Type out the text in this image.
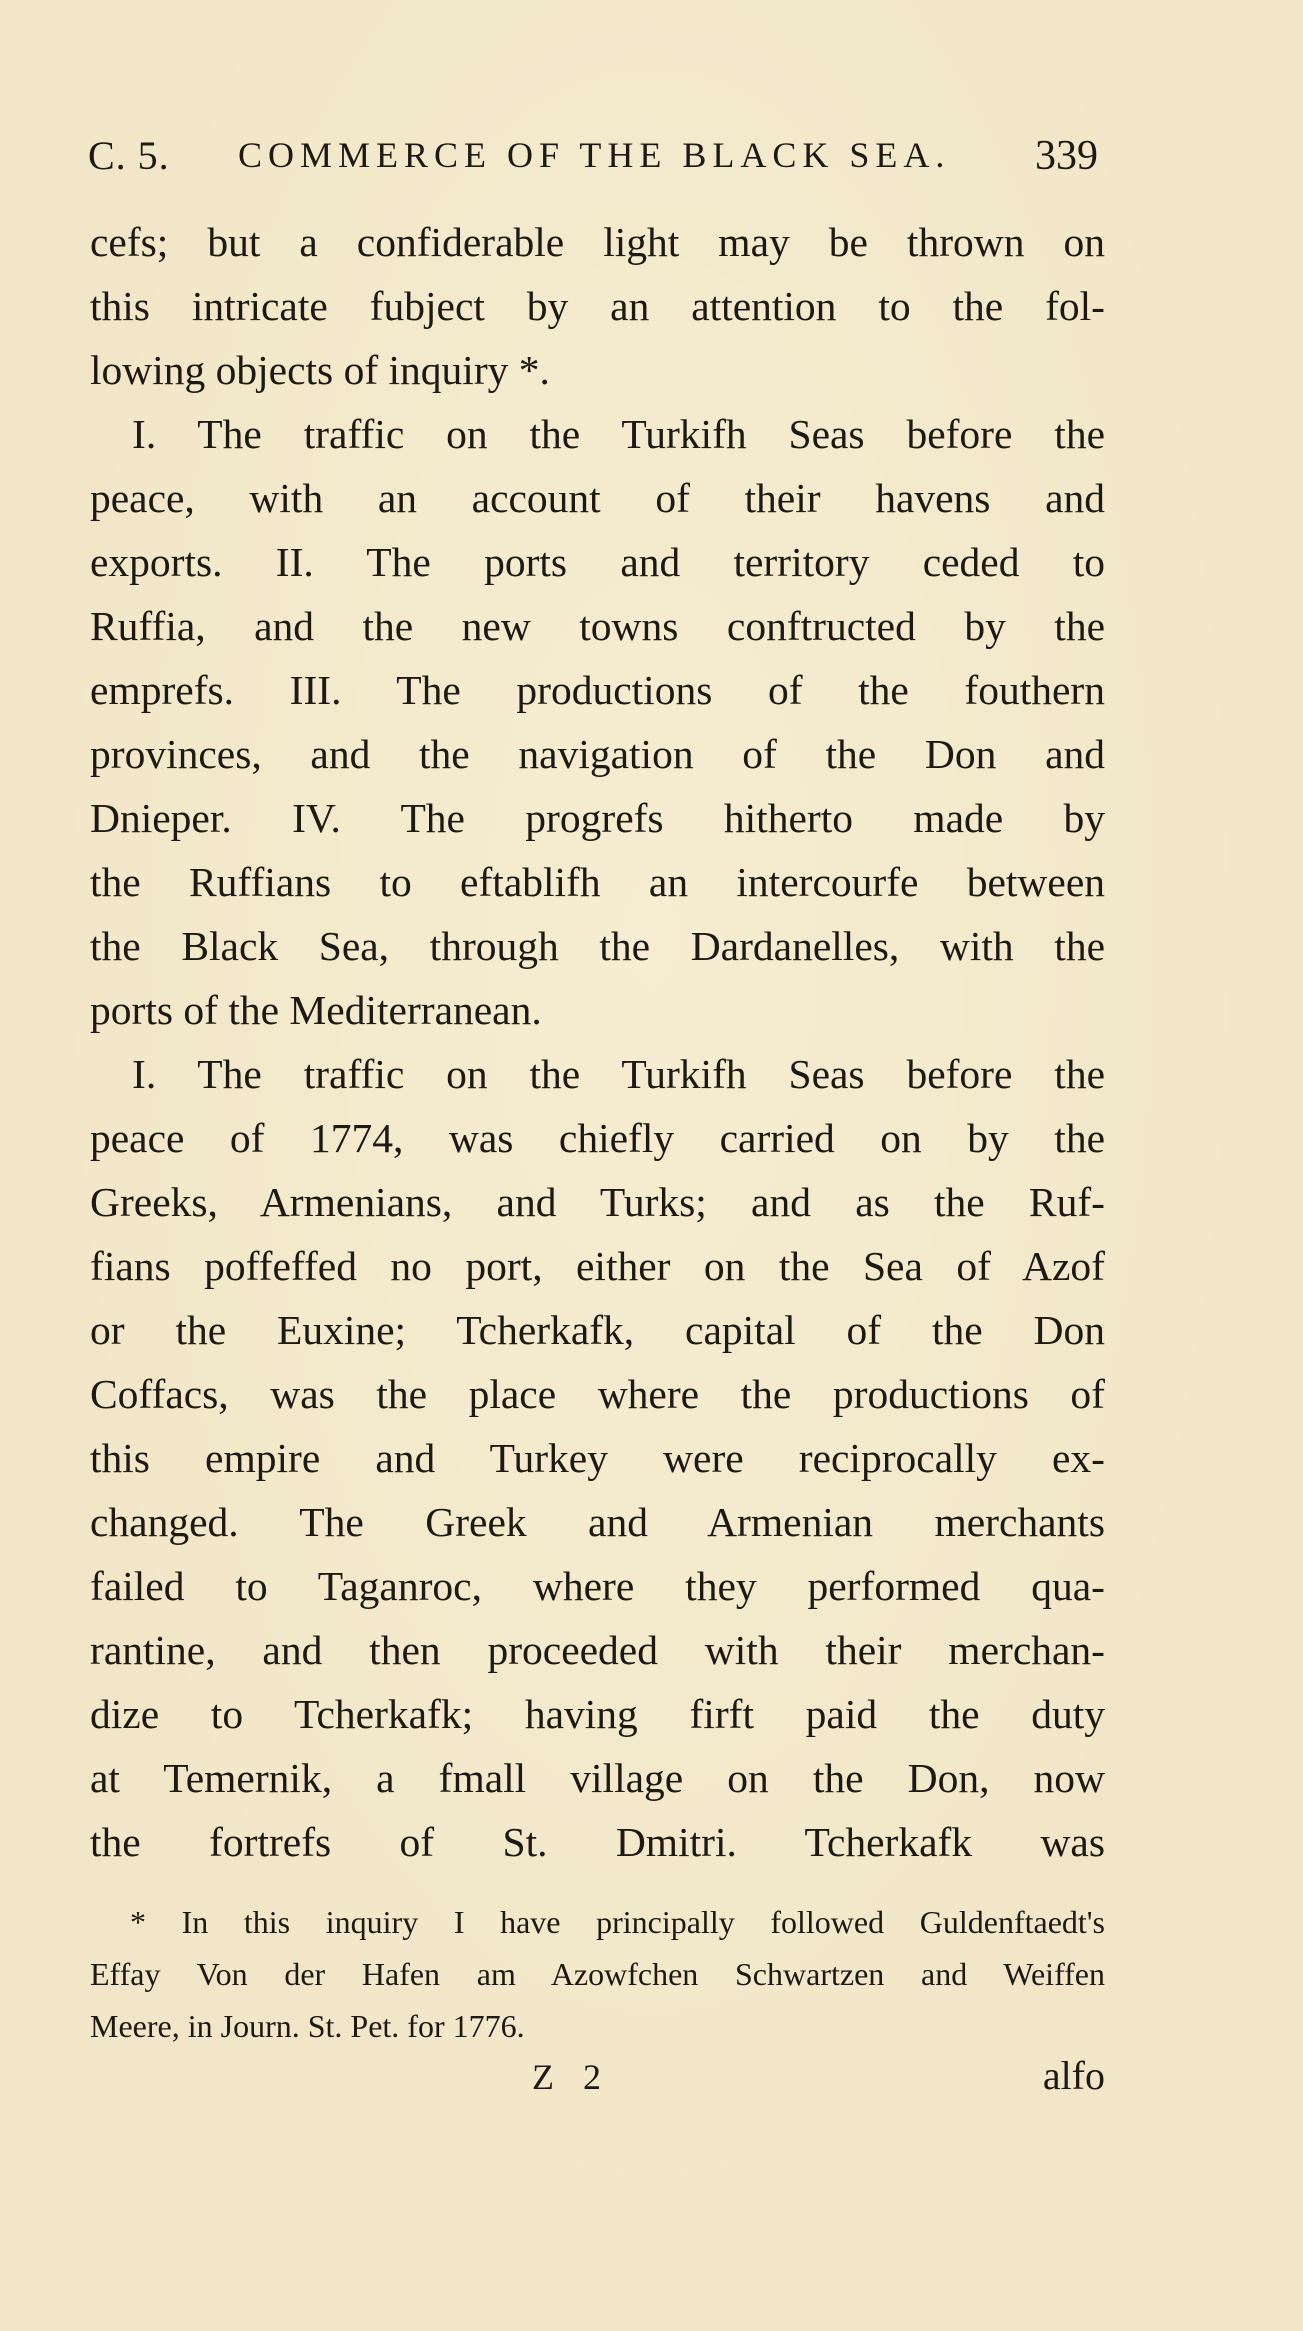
C. 5. COMMERCE OF THE BLACK SEA. 339
cefs; but a confiderable light may be thrown on
this intricate fubject by an attention to the fol-
lowing objects of inquiry *.
I. The traffic on the Turkifh Seas before the
peace, with an account of their havens and
exports. II. The ports and territory ceded to
Ruffia, and the new towns conftructed by the
emprefs. III. The productions of the fouthern
provinces, and the navigation of the Don and
Dnieper. IV. The progrefs hitherto made by
the Ruffians to eftablifh an intercourfe between
the Black Sea, through the Dardanelles, with the
ports of the Mediterranean.
I. The traffic on the Turkifh Seas before the
peace of 1774, was chiefly carried on by the
Greeks, Armenians, and Turks; and as the Ruf-
fians poffeffed no port, either on the Sea of Azof
or the Euxine; Tcherkafk, capital of the Don
Coffacs, was the place where the productions of
this empire and Turkey were reciprocally ex-
changed. The Greek and Armenian merchants
failed to Taganroc, where they performed qua-
rantine, and then proceeded with their merchan-
dize to Tcherkafk; having firft paid the duty
at Temernik, a fmall village on the Don, now
the fortrefs of St. Dmitri. Tcherkafk was
* In this inquiry I have principally followed Guldenftaedt's
Effay Von der Hafen am Azowfchen Schwartzen and Weiffen
Meere, in Journ. St. Pet. for 1776.
Z 2	alfo
